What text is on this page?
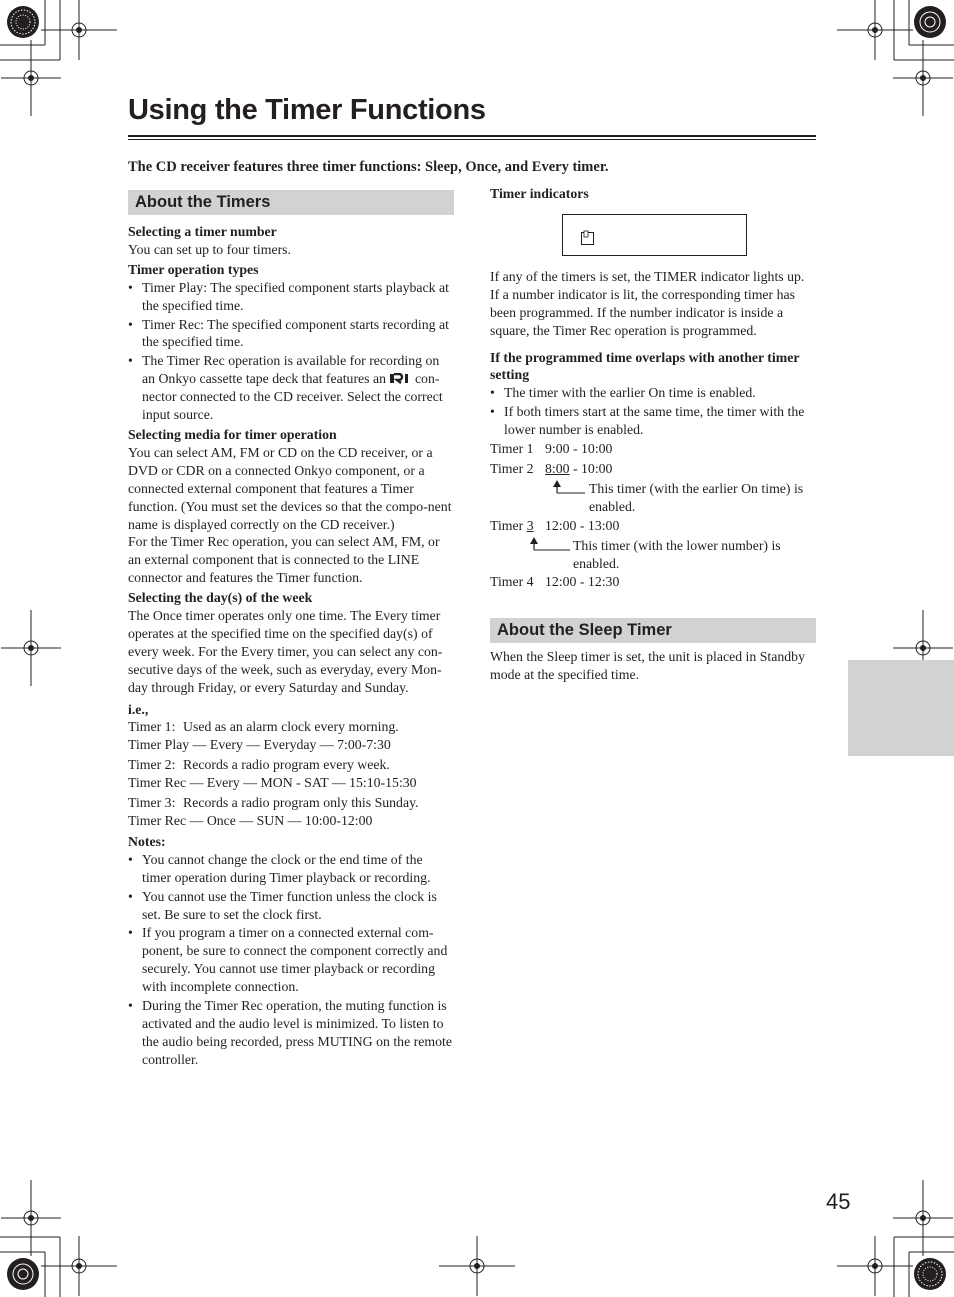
Using the Timer Functions

The CD receiver features three timer functions: Sleep, Once, and Every timer.

About the Timers

Selecting a timer number

You can set up to four timers.

Timer operation types

• Timer Play: The specified component starts playback at the specified time.
• Timer Rec: The specified component starts recording at the specified time.
• The Timer Rec operation is available for recording on an Onkyo cassette tape deck that features an con-nector connected to the CD receiver. Select the correct input source.

Selecting media for timer operation

You can select AM, FM or CD on the CD receiver, or a DVD or CDR on a connected Onkyo component, or a connected external component that features a Timer function. (You must set the devices so that the compo-nent name is displayed correctly on the CD receiver.)

For the Timer Rec operation, you can select AM, FM, or an external component that is connected to the LINE connector and features the Timer function.

Selecting the day(s) of the week

The Once timer operates only one time. The Every timer operates at the specified time on the specified day(s) of every week. For the Every timer, you can select any con-secutive days of the week, such as everyday, every Mon-day through Friday, or every Saturday and Sunday.

i.e.,

Timer 1: Used as an alarm clock every morning.
Timer Play — Every — Everyday — 7:00-7:30
Timer 2: Records a radio program every week.
Timer Rec — Every — MON - SAT — 15:10-15:30
Timer 3: Records a radio program only this Sunday.
Timer Rec — Once — SUN — 10:00-12:00

Notes:

• You cannot change the clock or the end time of the timer operation during Timer playback or recording.
• You cannot use the Timer function unless the clock is set. Be sure to set the clock first.
• If you program a timer on a connected external com-ponent, be sure to connect the component correctly and securely. You cannot use timer playback or recording with incomplete connection.
• During the Timer Rec operation, the muting function is activated and the audio level is minimized. To listen to the audio being recorded, press MUTING on the remote controller.

Timer indicators

If any of the timers is set, the TIMER indicator lights up. If a number indicator is lit, the corresponding timer has been programmed. If the number indicator is inside a square, the Timer Rec operation is programmed.

If the programmed time overlaps with another timer setting

• The timer with the earlier On time is enabled.
• If both timers start at the same time, the timer with the lower number is enabled.
Timer 1 9:00 - 10:00
Timer 2 8:00 - 10:00
This timer (with the earlier On time) is enabled.
Timer 3 12:00 - 13:00
This timer (with the lower number) is enabled.
Timer 4 12:00 - 12:30
About the Sleep Timer

When the Sleep timer is set, the unit is placed in Standby mode at the specified time.

45
